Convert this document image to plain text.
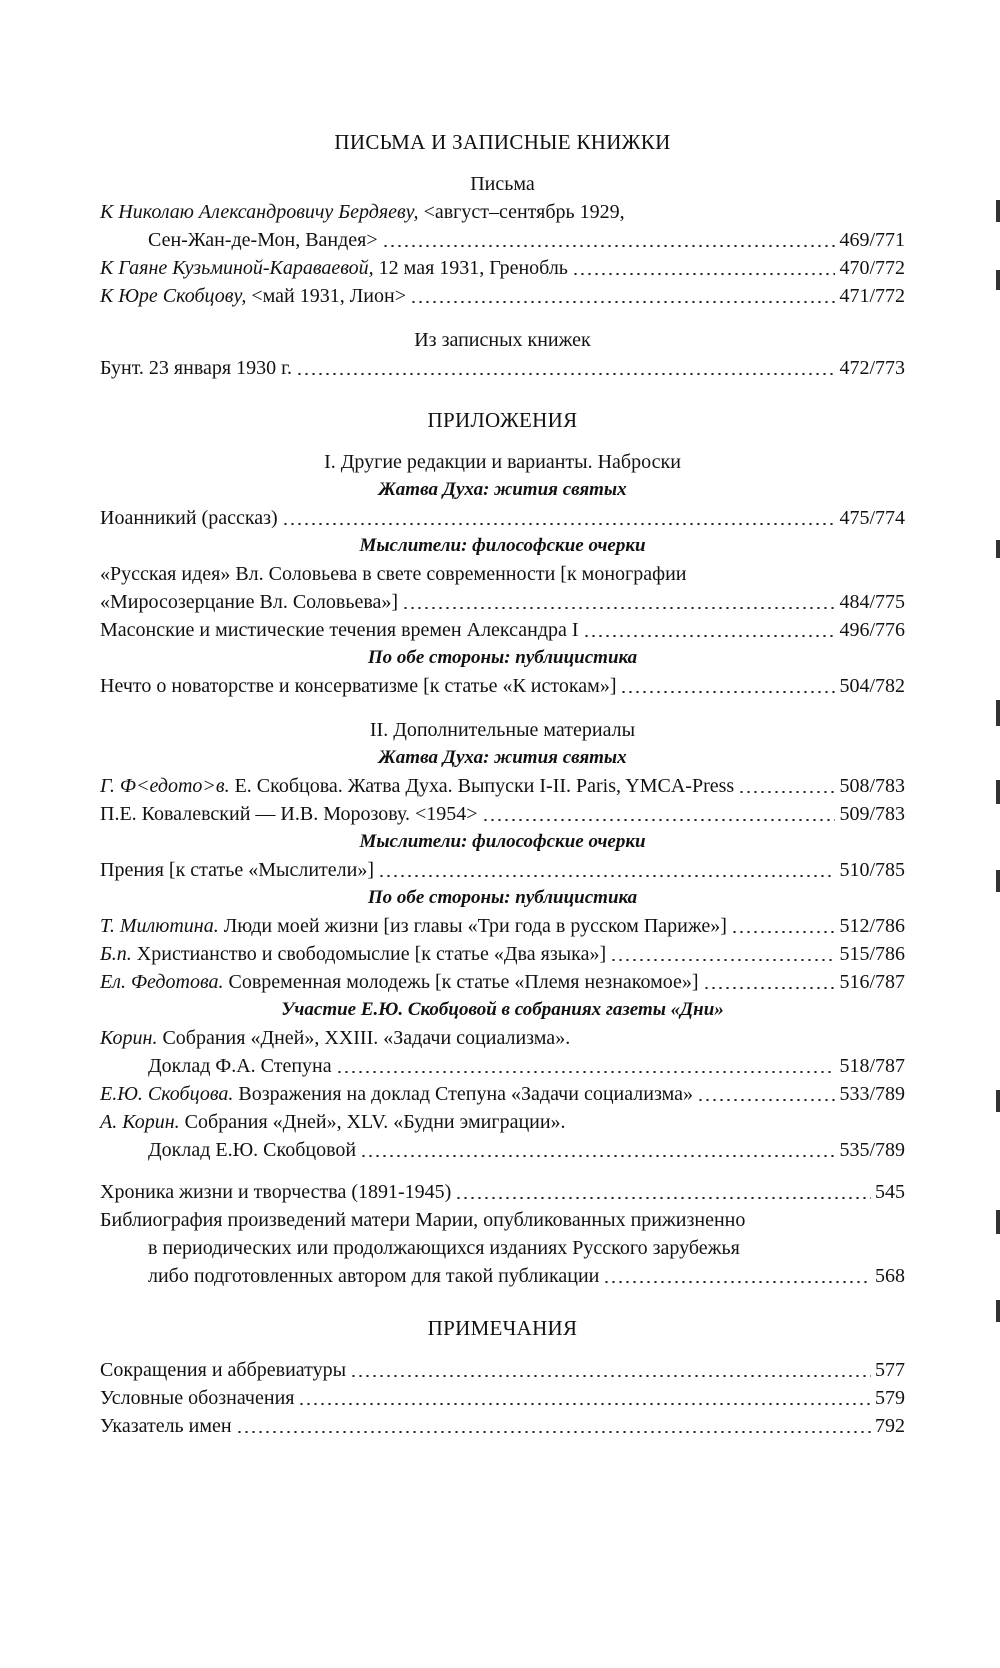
ПИСЬМА И ЗАПИСНЫЕ КНИЖКИ
Письма
К Николаю Александровичу Бердяеву, <август–сентябрь 1929,
Сен-Жан-де-Мон, Вандея>	469/771
К Гаяне Кузьминой-Караваевой, 12 мая 1931, Гренобль	470/772
К Юре Скобцову, <май 1931, Лион>	471/772
Из записных книжек
Бунт. 23 января 1930 г.	472/773
ПРИЛОЖЕНИЯ
I. Другие редакции и варианты. Наброски
Жатва Духа: жития святых
Иоанникий (рассказ)	475/774
Мыслители: философские очерки
«Русская идея» Вл. Соловьева в свете современности [к монографии
«Миросозерцание Вл. Соловьева»]	484/775
Масонские и мистические течения времен Александра I	496/776
По обе стороны: публицистика
Нечто о новаторстве и консерватизме [к статье «К истокам»]	504/782
II. Дополнительные материалы
Жатва Духа: жития святых
Г. Ф<едото>в. Е. Скобцова. Жатва Духа. Выпуски I-II. Paris, YMCA-Press	508/783
П.Е. Ковалевский — И.В. Морозову. <1954>	509/783
Мыслители: философские очерки
Прения [к статье «Мыслители»]	510/785
По обе стороны: публицистика
Т. Милютина. Люди моей жизни [из главы «Три года в русском Париже»]	512/786
Б.п. Христианство и свободомыслие [к статье «Два языка»]	515/786
Ел. Федотова. Современная молодежь [к статье «Племя незнакомое»]	516/787
Участие Е.Ю. Скобцовой в собраниях газеты «Дни»
Корин. Собрания «Дней», XXIII. «Задачи социализма».
Доклад Ф.А. Степуна	518/787
Е.Ю. Скобцова. Возражения на доклад Степуна «Задачи социализма»	533/789
А. Корин. Собрания «Дней», XLV. «Будни эмиграции».
Доклад Е.Ю. Скобцовой	535/789
Хроника жизни и творчества (1891-1945)	545
Библиография произведений матери Марии, опубликованных прижизненно
в периодических или продолжающихся изданиях Русского зарубежья
либо подготовленных автором для такой публикации	568
ПРИМЕЧАНИЯ
Сокращения и аббревиатуры	577
Условные обозначения	579
Указатель имен	792
